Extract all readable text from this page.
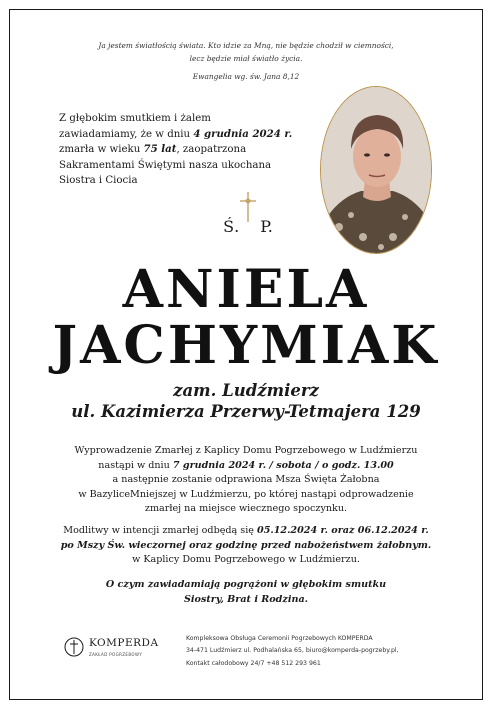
Ja jestem światłością świata. Kto idzie za Mną, nie będzie chodził w ciemności,
lecz będzie miał światło życia.
Ewangelia wg. św. Jana 8,12
Z głębokim smutkiem i żalem
zawiadamiamy, że w dniu 4 grudnia 2024 r.
zmarła w wieku 75 lat, zaopatrzona
Sakramentami Świętymi nasza ukochana
Siostra i Ciocia
Ś. P.
ANIELA
JACHYMIAK
zam. Ludźmierz
ul. Kazimierza Przerwy-Tetmajera 129
Wyprowadzenie Zmarłej z Kaplicy Domu Pogrzebowego w Ludźmierzu
nastąpi w dniu 7 grudnia 2024 r. / sobota / o godz. 13.00
a następnie zostanie odprawiona Msza Święta Żałobna
w BazyliceMniejszej w Ludźmierzu, po której nastąpi odprowadzenie
zmarłej na miejsce wiecznego spoczynku.
Modlitwy w intencji zmarłej odbędą się 05.12.2024 r. oraz 06.12.2024 r.
po Mszy Św. wieczornej oraz godzinę przed nabożeństwem żałobnym.
w Kaplicy Domu Pogrzebowego w Ludźmierzu.
O czym zawiadamiają pogrążoni w głębokim smutku
Siostry, Brat i Rodzina.
KOMPERDA
ZAKŁAD POGRZEBOWY
Kompleksowa Obsługa Ceremonii Pogrzebowych KOMPERDA
34-471 Ludźmierz ul. Podhalańska 65, biuro@komperda-pogrzeby.pl,
Kontakt całodobowy 24/7 +48 512 293 961
